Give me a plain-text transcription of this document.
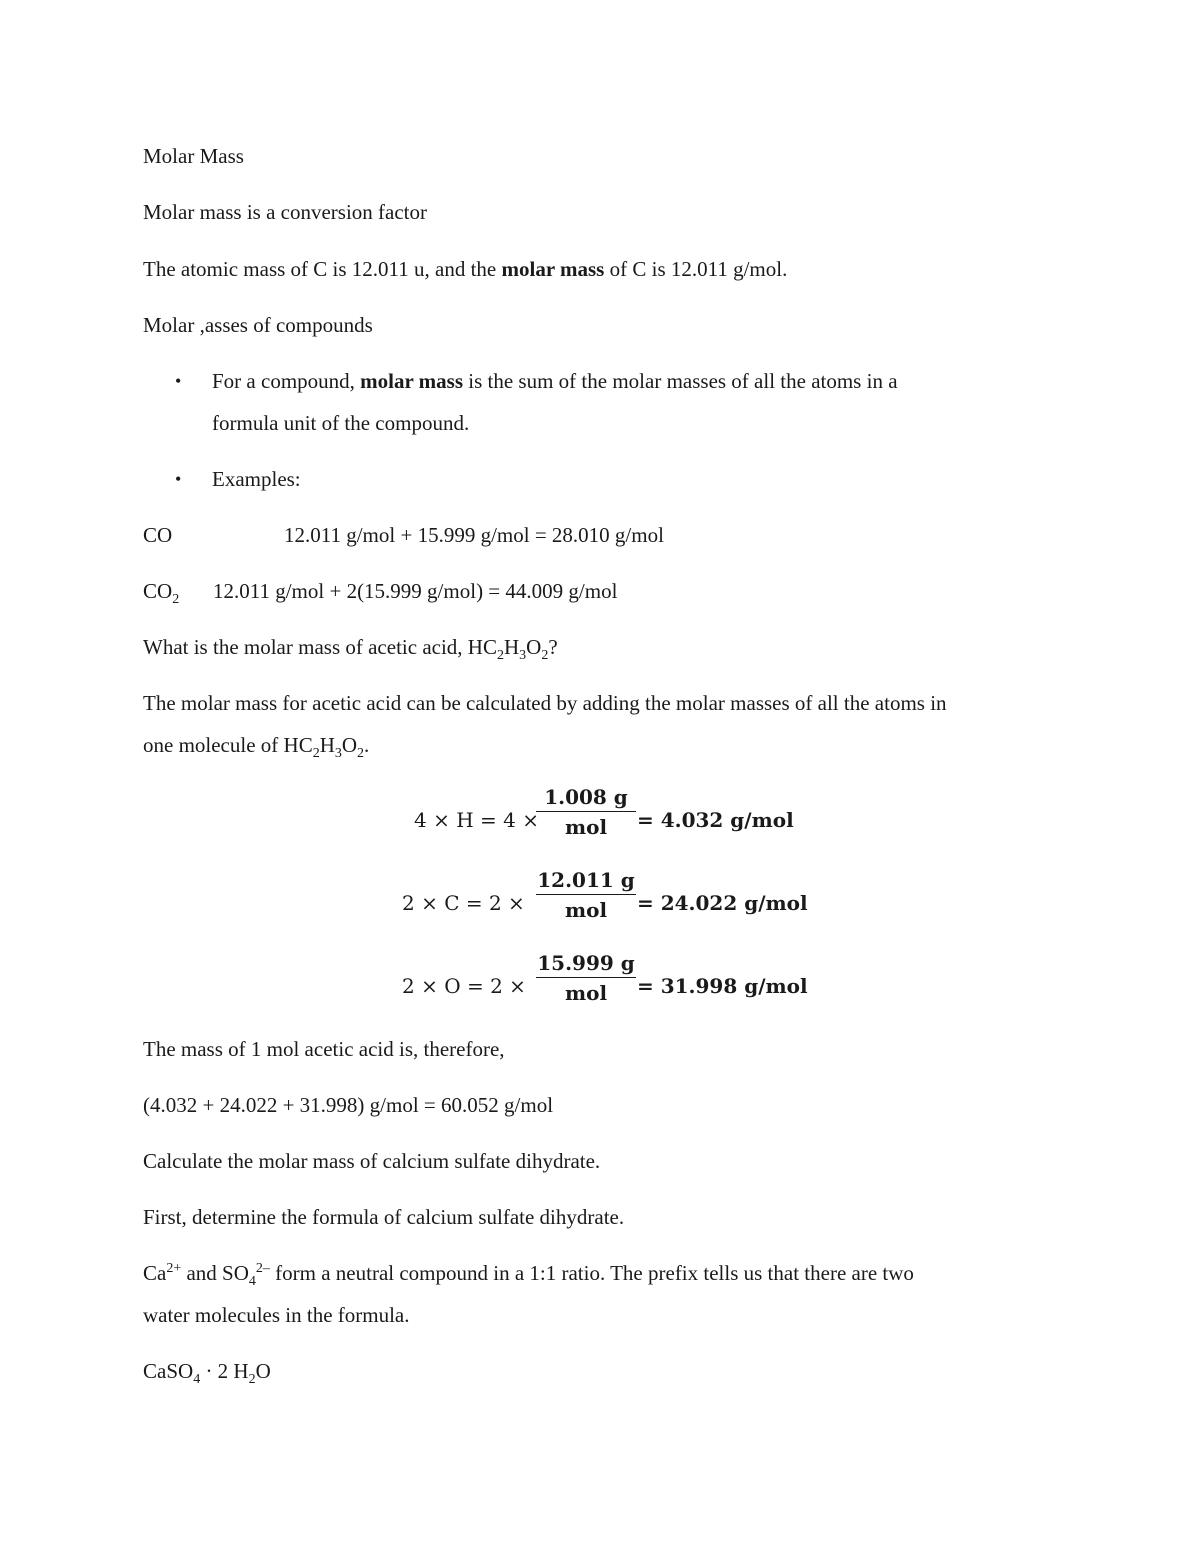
Molar Mass
Molar mass is a conversion factor
The atomic mass of C is 12.011 u, and the molar mass of C is 12.011 g/mol.
Molar ,asses of compounds
• For a compound, molar mass is the sum of the molar masses of all the atoms in a
formula unit of the compound.
• Examples:
CO	12.011 g/mol + 15.999 g/mol = 28.010 g/mol
$CO_2$ 12.011 g/mol + 2(15.999 g/mol) = 44.009 g/mol
What is the molar mass of acetic acid, $HC_2H_3O_2$?
The molar mass for acetic acid can be calculated by adding the molar masses of all the atoms in
one molecule of $HC_2H_3O_2$.
4 × H = 4 ×
1.008 g
mol	= 4.032 g/mol
2 × C = 2 ×
12.011 g
mol	= 24.022 g/mol
2 × O = 2 ×
15.999 g
mol	= 31.998 g/mol
The mass of 1 mol acetic acid is, therefore,
(4.032 + 24.022 + 31.998) g/mol = 60.052 g/mol
Calculate the molar mass of calcium sulfate dihydrate.
First, determine the formula of calcium sulfate dihydrate.
$Ca^{2+}$ and $SO_4^{2-}$ form a neutral compound in a 1:1 ratio. The prefix tells us that there are two
water molecules in the formula.
CaSO$_4$ · 2 $H_2O$
